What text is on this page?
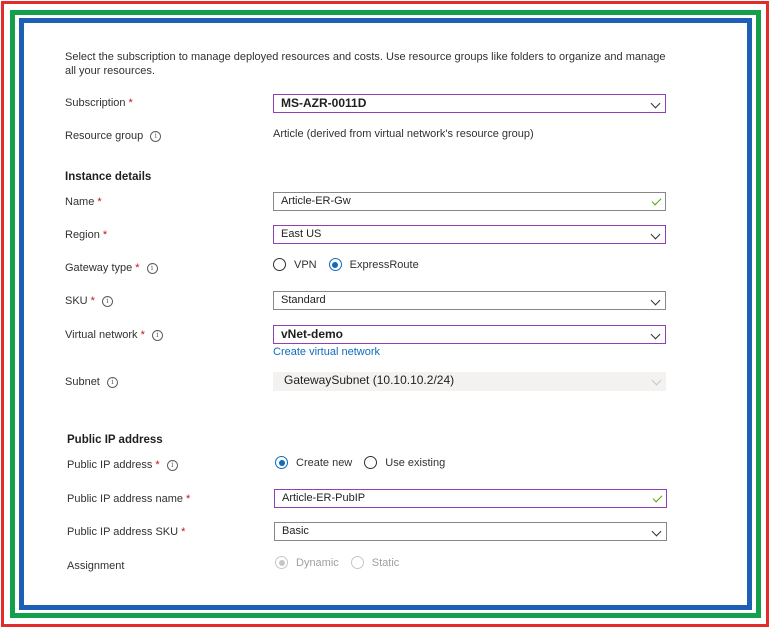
Select the subscription to manage deployed resources and costs. Use resource groups like folders to organize and manage all your resources.
Subscription *	MS-AZR-0011D
Resource group i	Article (derived from virtual network's resource group)
Instance details
Name *	Article-ER-Gw
Region *	East US
Gateway type * i	VPN	ExpressRoute
SKU * i	Standard
Virtual network * i	vNet-demo
Create virtual network
Subnet i	GatewaySubnet (10.10.10.2/24)
Public IP address
Public IP address * i	Create new	Use existing
Public IP address name *	Article-ER-PubIP
Public IP address SKU *	Basic
Assignment	Dynamic	Static
